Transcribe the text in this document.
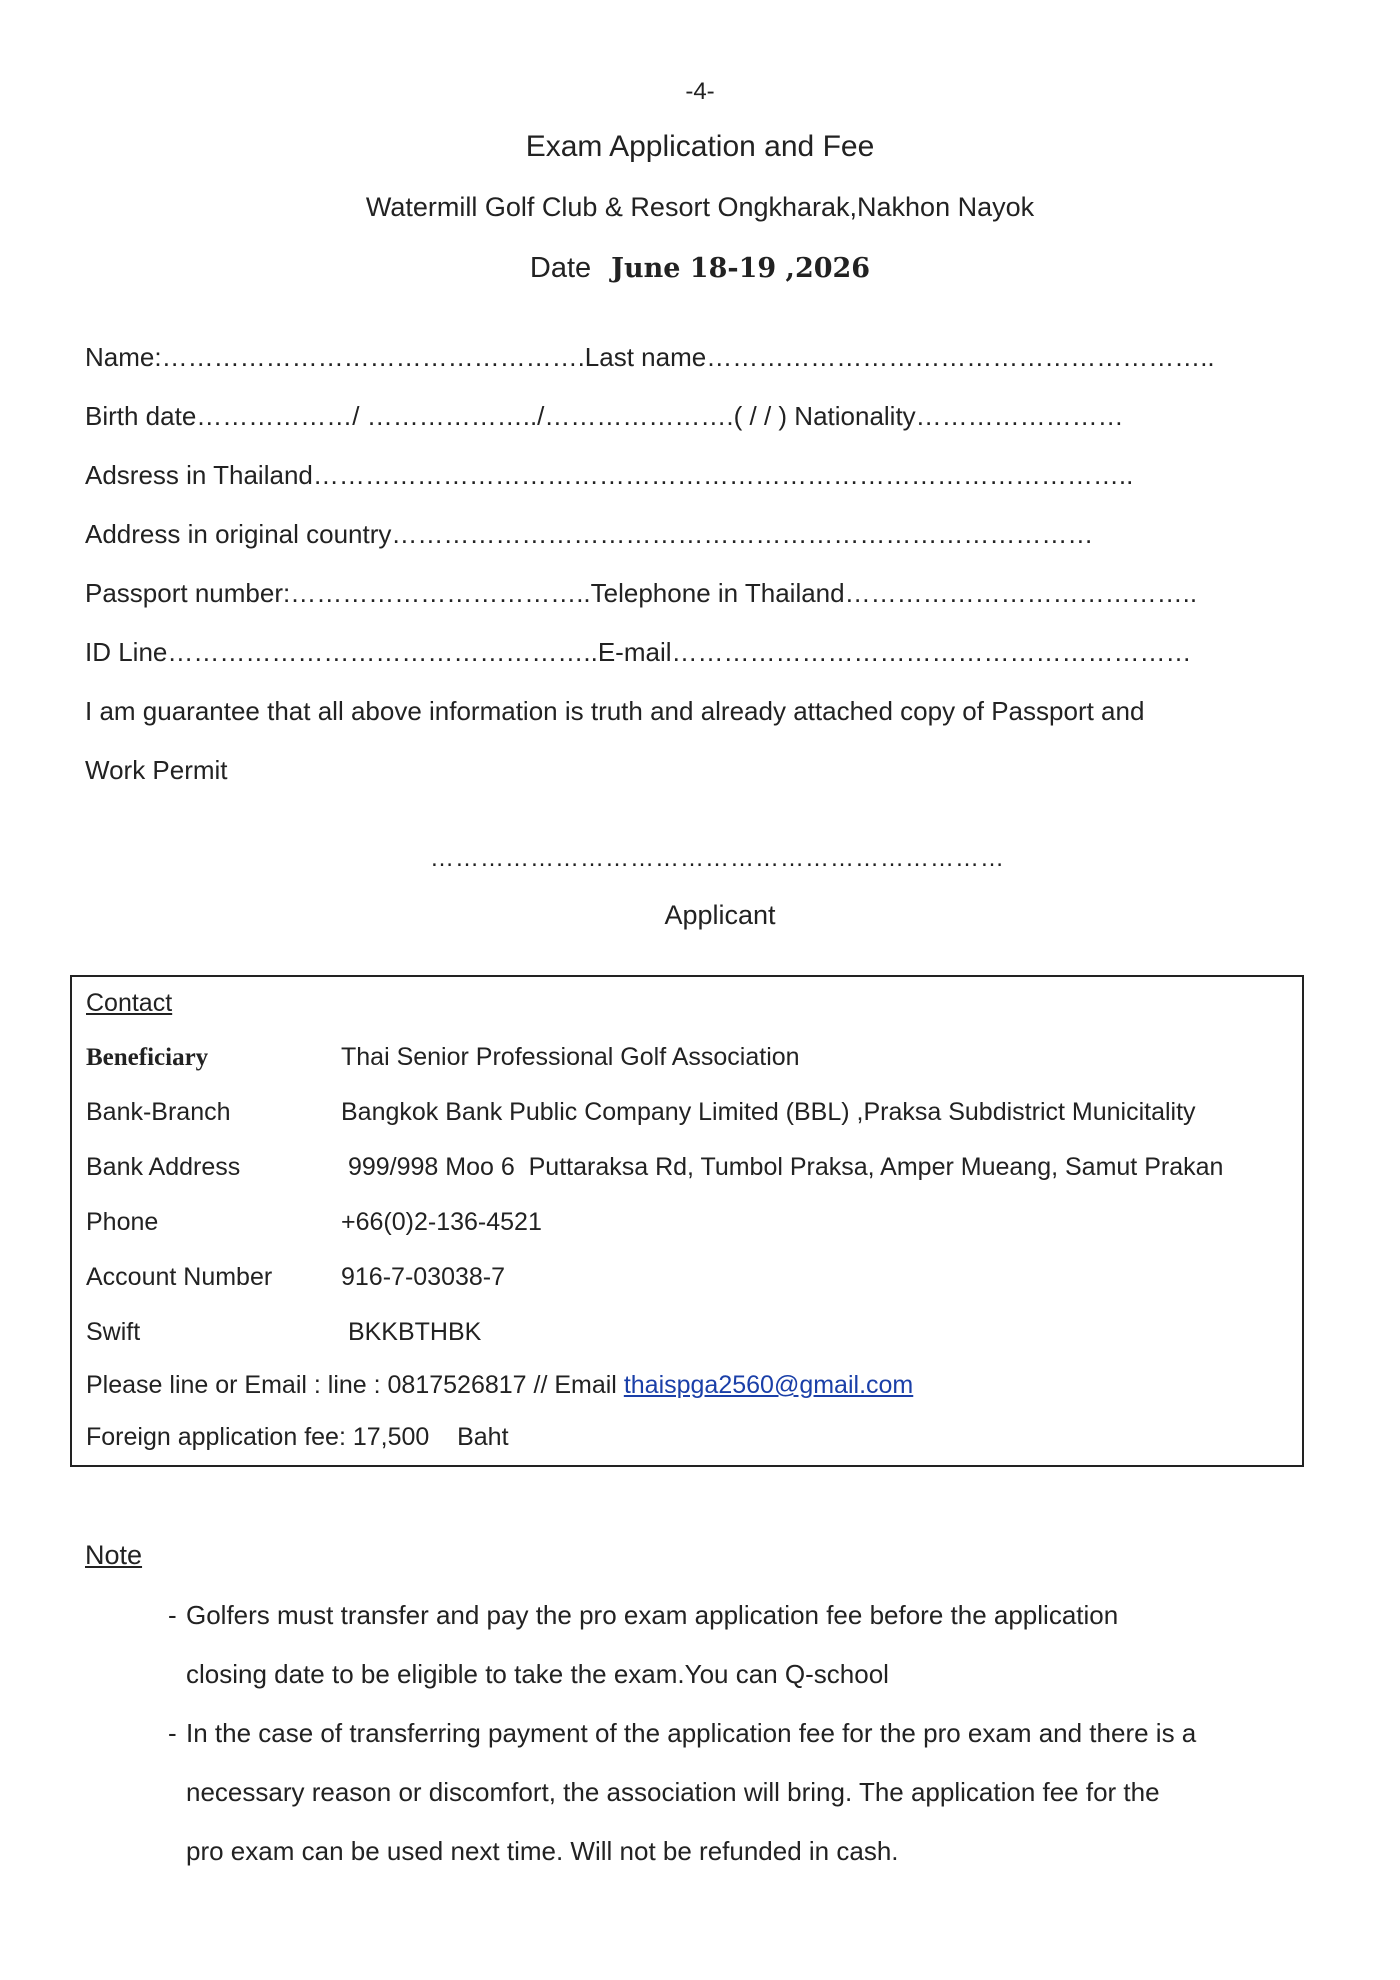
-4-
Exam Application and Fee
Watermill Golf Club & Resort Ongkharak,Nakhon Nayok
Date June 18-19 ,2026
Name:………………………………………….Last name…………………………………………………..
Birth date………………/ ………………../………………….( / / ) Nationality……………………
Adsress in Thailand…………………………………………………………………………………..
Address in original country………………………………………………………………………
Passport number:……………………………..Telephone in Thailand…………………………………..
ID Line…………………………………………..E-mail……………………………………………………
I am guarantee that all above information is truth and already attached copy of Passport and
Work Permit
……………………………………………………………
Applicant
Contact
Beneficiary	Thai Senior Professional Golf Association
Bank-Branch	Bangkok Bank Public Company Limited (BBL) ,Praksa Subdistrict Municitality
Bank Address	999/998 Moo 6  Puttaraksa Rd, Tumbol Praksa, Amper Mueang, Samut Prakan
Phone	+66(0)2-136-4521
Account Number	916-7-03038-7
Swift	BKKBTHBK
Please line or Email : line : 0817526817 // Email thaispga2560@gmail.com
Foreign application fee: 17,500    Baht
Note
- Golfers must transfer and pay the pro exam application fee before the application
closing date to be eligible to take the exam.You can Q-school
- In the case of transferring payment of the application fee for the pro exam and there is a
necessary reason or discomfort, the association will bring. The application fee for the
pro exam can be used next time. Will not be refunded in cash.
